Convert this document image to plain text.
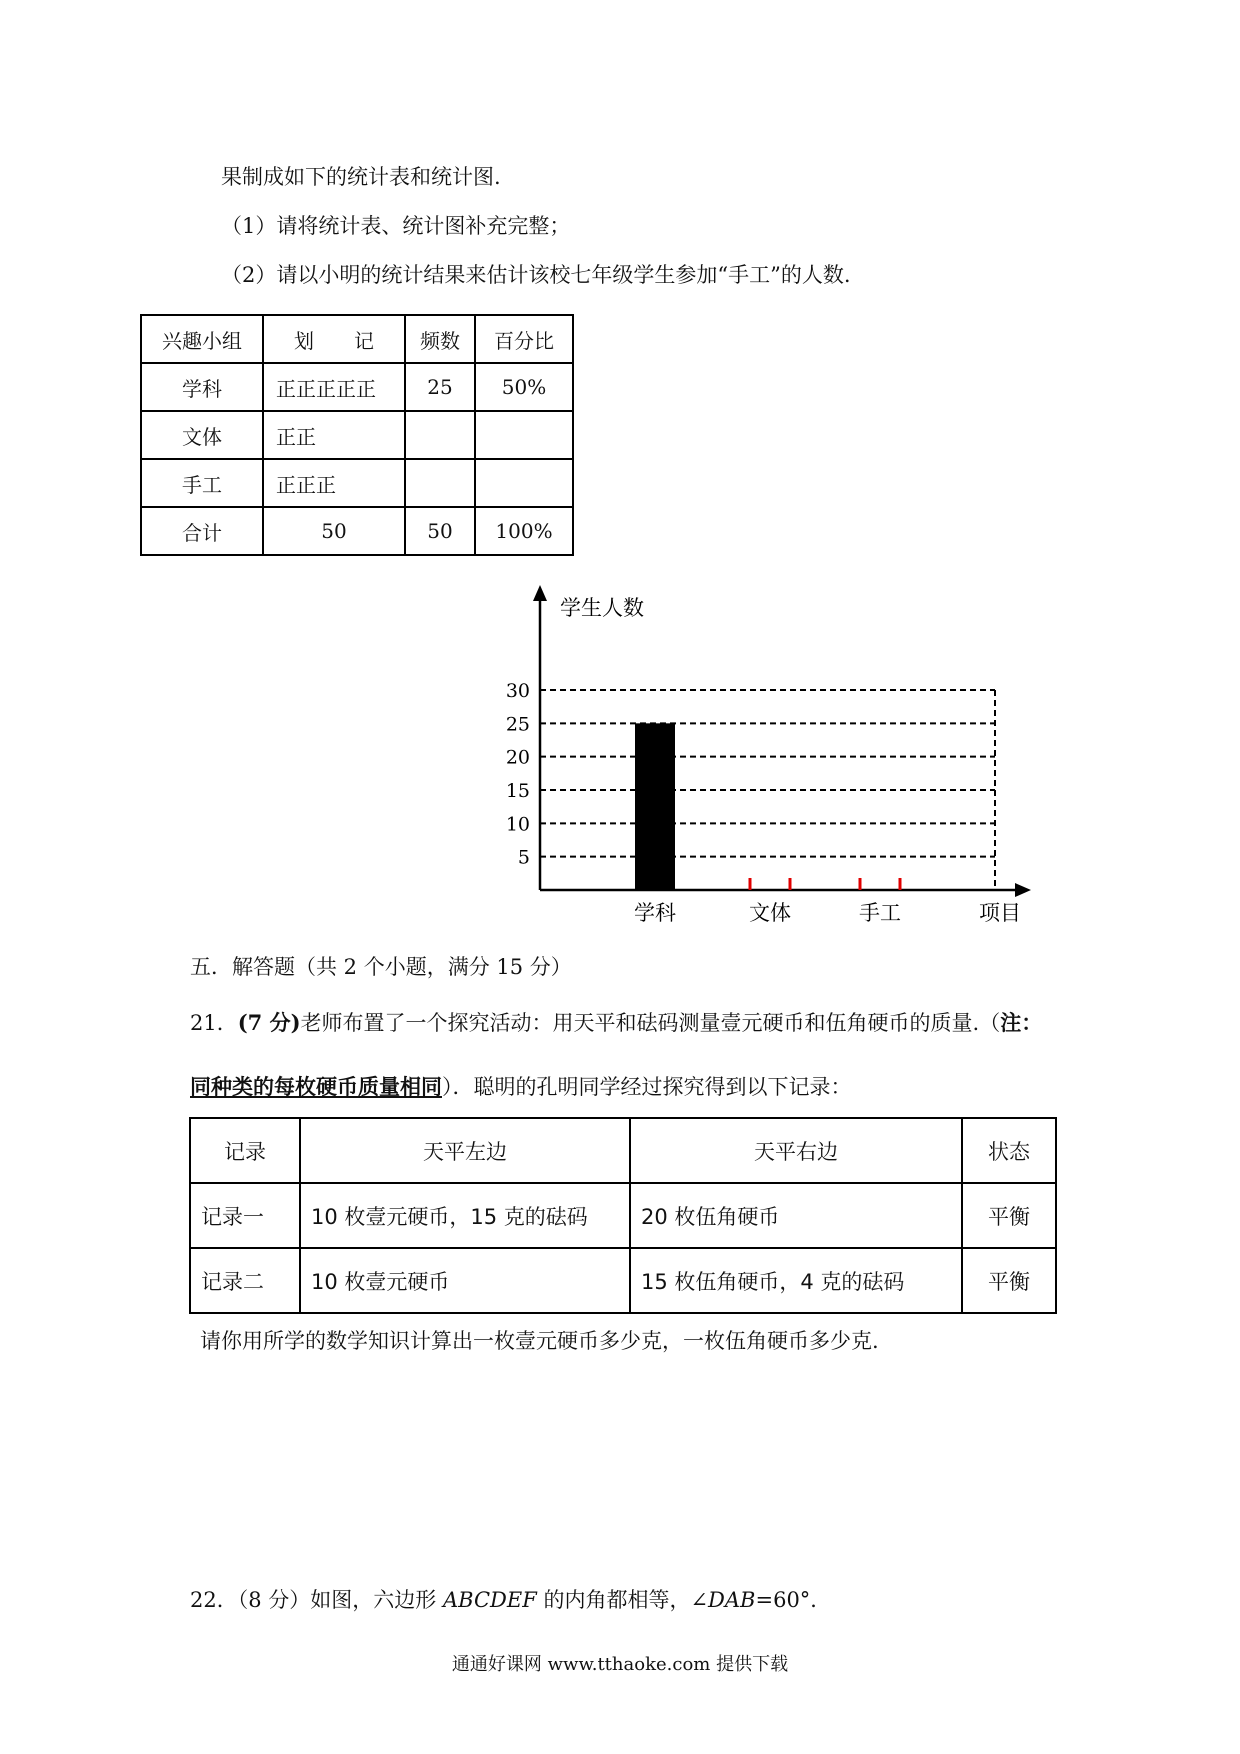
果制成如下的统计表和统计图.
（1）请将统计表、统计图补充完整；
（2）请以小明的统计结果来估计该校七年级学生参加“手工”的人数.
兴趣小组	划　　记	频数	百分比
学科	正正正正正	25	50%
文体	正正		
手工	正正正		
合计	50	50	100%
5
10
15
20
25
30
学生人数
项目
学科	文体	手工
五．解答题（共 2 个小题，满分 15 分）
21．(7 分)老师布置了一个探究活动：用天平和砝码测量壹元硬币和伍角硬币的质量.（注：
同种类的每枚硬币质量相同）．聪明的孔明同学经过探究得到以下记录：
记录	天平左边	天平右边	状态
记录一	10 枚壹元硬币，15 克的砝码	20 枚伍角硬币	平衡
记录二	10 枚壹元硬币	15 枚伍角硬币，4 克的砝码	平衡
请你用所学的数学知识计算出一枚壹元硬币多少克，一枚伍角硬币多少克.
22．（8 分）如图，六边形 ABCDEF 的内角都相等，∠DAB=60°．
通通好课网 www.tthaoke.com 提供下载
